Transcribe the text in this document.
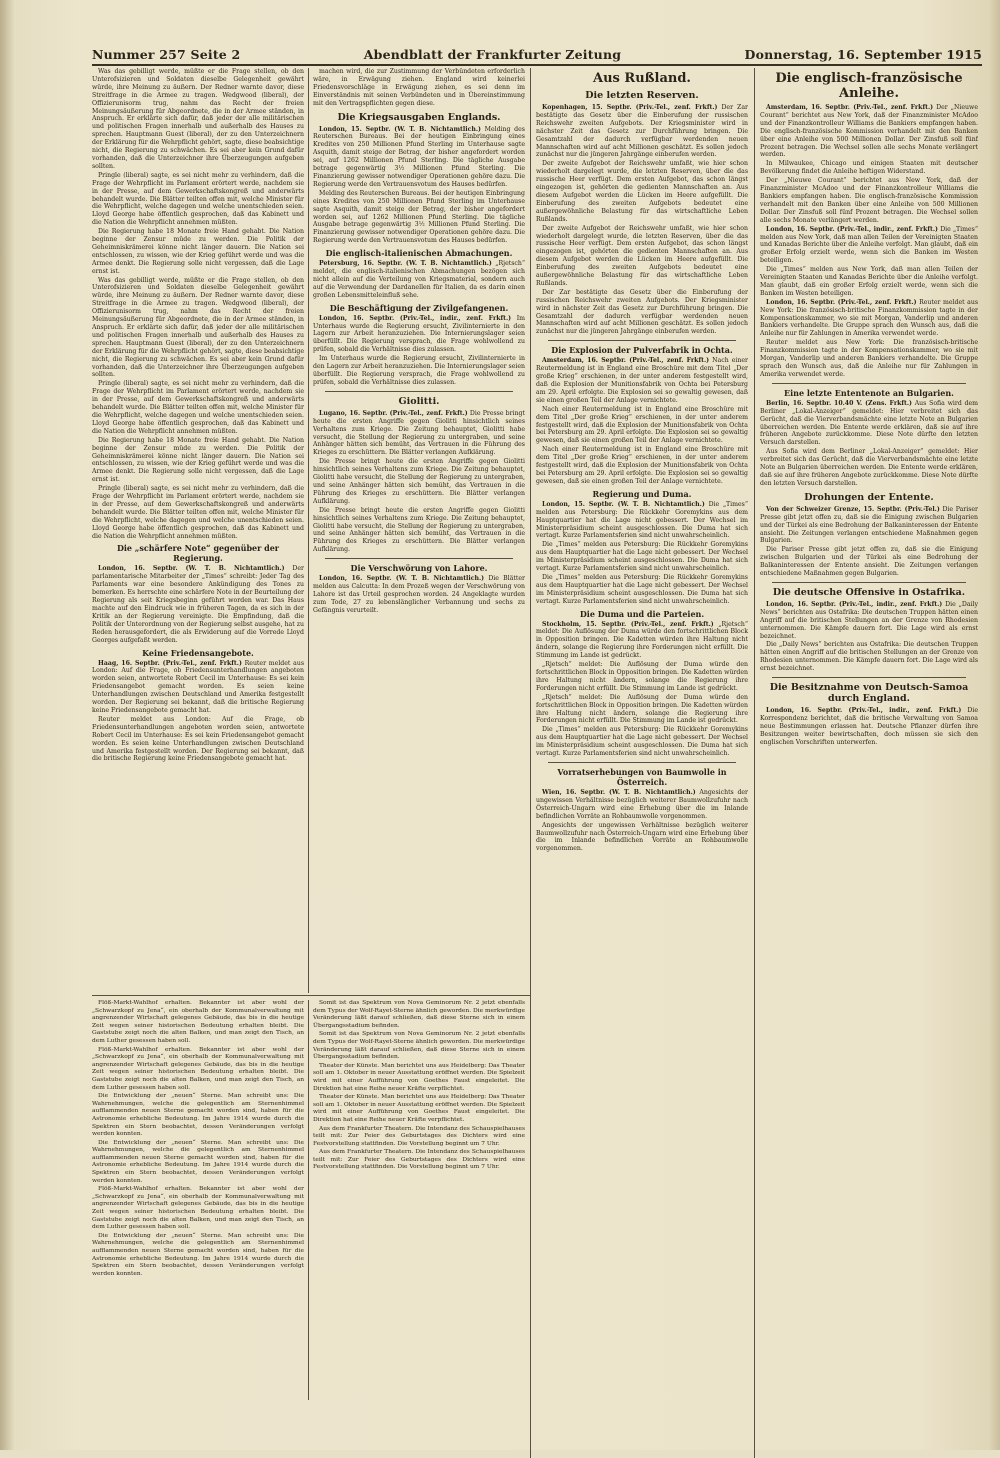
Nummer 257 Seite 2	Abendblatt der Frankfurter Zeitung	Donnerstag, 16. September 1915

Was das gebilligt werde, müßte er die Frage stellen, ob den Unterofsizieren und Soldaten dieselbe Gelegenheit gewährt würde, ihre Meinung zu äußern. Der Redner warnte davor, diese Streitfrage in die Armee zu tragen. Wedgwood (liberal), der Offizierunisorm trug, nahm das Recht der freien Meinungsäußerung für Abgeordnete, die in der Armee ständen, in Anspruch. Er erklärte sich dafür, daß jeder der alle militärischen und politischen Fragen innerhalb und außerhalb des Hauses zu sprechen. Hauptmann Guest (liberal), der zu den Unterzeichnern der Erklärung für die Wehrpflicht gehört, sagte, diese beabsichtige nicht, die Regierung zu schwächen. Es sei aber kein Grund dafür vorhanden, daß die Unterzeichner ihre Überzeugungen aufgeben sollten.

Pringle (liberal) sagte, es sei nicht mehr zu verhindern, daß die Frage der Wehrpflicht im Parlament erörtert werde, nachdem sie in der Presse, auf dem Gewerkschaftskongreß und anderwärts behandelt wurde. Die Blätter teilten offen mit, welche Minister für die Wehrpflicht, welche dagegen und welche unentschieden seien. Lloyd George habe öffentlich gesprochen, daß das Kabinett und die Nation die Wehrpflicht annehmen müßten.

Die Regierung habe 18 Monate freie Hand gehabt. Die Nation beginne der Zensur müde zu werden. Die Politik der Geheimniskrämerei könne nicht länger dauern. Die Nation sei entschlossen, zu wissen, wie der Krieg geführt werde und was die Armee denkt. Die Regierung solle nicht vergessen, daß die Lage ernst ist.

Was das gebilligt werde, müßte er die Frage stellen, ob den Unterofsizieren und Soldaten dieselbe Gelegenheit gewährt würde, ihre Meinung zu äußern. Der Redner warnte davor, diese Streitfrage in die Armee zu tragen. Wedgwood (liberal), der Offizierunisorm trug, nahm das Recht der freien Meinungsäußerung für Abgeordnete, die in der Armee ständen, in Anspruch. Er erklärte sich dafür, daß jeder der alle militärischen und politischen Fragen innerhalb und außerhalb des Hauses zu sprechen. Hauptmann Guest (liberal), der zu den Unterzeichnern der Erklärung für die Wehrpflicht gehört, sagte, diese beabsichtige nicht, die Regierung zu schwächen. Es sei aber kein Grund dafür vorhanden, daß die Unterzeichner ihre Überzeugungen aufgeben sollten.

Pringle (liberal) sagte, es sei nicht mehr zu verhindern, daß die Frage der Wehrpflicht im Parlament erörtert werde, nachdem sie in der Presse, auf dem Gewerkschaftskongreß und anderwärts behandelt wurde. Die Blätter teilten offen mit, welche Minister für die Wehrpflicht, welche dagegen und welche unentschieden seien. Lloyd George habe öffentlich gesprochen, daß das Kabinett und die Nation die Wehrpflicht annehmen müßten.

Die Regierung habe 18 Monate freie Hand gehabt. Die Nation beginne der Zensur müde zu werden. Die Politik der Geheimniskrämerei könne nicht länger dauern. Die Nation sei entschlossen, zu wissen, wie der Krieg geführt werde und was die Armee denkt. Die Regierung solle nicht vergessen, daß die Lage ernst ist.

Pringle (liberal) sagte, es sei nicht mehr zu verhindern, daß die Frage der Wehrpflicht im Parlament erörtert werde, nachdem sie in der Presse, auf dem Gewerkschaftskongreß und anderwärts behandelt wurde. Die Blätter teilten offen mit, welche Minister für die Wehrpflicht, welche dagegen und welche unentschieden seien. Lloyd George habe öffentlich gesprochen, daß das Kabinett und die Nation die Wehrpflicht annehmen müßten.

Die „schärfere Note“ gegenüber der Regierung.

London, 16. Septbr. (W. T. B. Nichtamtlich.) Der parlamentarische Mitarbeiter der „Times“ schreibt: Jeder Tag des Parlaments war eine besondere Ankündigung des Tones zu bemerken. Es herrschte eine schärfere Note in der Beurteilung der Regierung als seit Kriegsbeginn geführt worden war. Das Haus machte auf den Eindruck wie in früheren Tagen, da es sich in der Kritik an der Regierung vereinigte. Die Empfindung, daß die Politik der Unterordnung von der Regierung selbst ausgehe, hat zu Reden herausgefordert, die als Erwiderung auf die Vorrede Lloyd Georges aufgefaßt werden.

Keine Friedensangebote.

Haag, 16. Septbr. (Priv.-Tel., zenf. Frkft.) Reuter meldet aus London: Auf die Frage, ob Friedensunterhandlungen angeboten worden seien, antwortete Robert Cecil im Unterhause: Es sei kein Friedensangebot gemacht worden. Es seien keine Unterhandlungen zwischen Deutschland und Amerika festgestellt worden. Der Regierung sei bekannt, daß die britische Regierung keine Friedensangebote gemacht hat.

Reuter meldet aus London: Auf die Frage, ob Friedensunterhandlungen angeboten worden seien, antwortete Robert Cecil im Unterhause: Es sei kein Friedensangebot gemacht worden. Es seien keine Unterhandlungen zwischen Deutschland und Amerika festgestellt worden. Der Regierung sei bekannt, daß die britische Regierung keine Friedensangebote gemacht hat.

machen wird, die zur Zustimmung der Verbündeten erforderlich wäre, in Erwägung ziehen. England wird keinerlei Friedensvorschläge in Erwägung ziehen, es sei denn im Einverständnis mit seinen Verbündeten und in Übereinstimmung mit den Vertragspflichten gegen diese.

Die Kriegsausgaben Englands.

London, 15. Septbr. (W. T. B. Nichtamtlich.) Melding des Reuterschen Bureaus. Bei der heutigen Einbringung eines Kredites von 250 Millionen Pfund Sterling im Unterhause sagte Asquith, damit steige der Betrag, der bisher angefordert worden sei, auf 1262 Millionen Pfund Sterling. Die tägliche Ausgabe betrage gegenwärtig 3½ Millionen Pfund Sterling. Die Finanzierung gewisser notwendiger Operationen gehöre dazu. Die Regierung werde den Vertrauensvotum des Hauses bedürfen.

Melding des Reuterschen Bureaus. Bei der heutigen Einbringung eines Kredites von 250 Millionen Pfund Sterling im Unterhause sagte Asquith, damit steige der Betrag, der bisher angefordert worden sei, auf 1262 Millionen Pfund Sterling. Die tägliche Ausgabe betrage gegenwärtig 3½ Millionen Pfund Sterling. Die Finanzierung gewisser notwendiger Operationen gehöre dazu. Die Regierung werde den Vertrauensvotum des Hauses bedürfen.

Die englisch-italienischen Abmachungen.

Petersburg, 16. Septbr. (W. T. B. Nichtamtlich.) „Rjetsch“ meldet, die englisch-italienischen Abmachungen bezögen sich nicht allein auf die Verteilung von Kriegsmaterial, sondern auch auf die Verwendung der Dardanellen für Italien, da es darin einen großen Lebensmitteleinfluß sehe.

Die Beschäftigung der Zivilgefangenen.

London, 16. Septbr. (Priv.-Tel., indir., zenf. Frkft.) Im Unterhaus wurde die Regierung ersucht, Zivilinternierte in den Lagern zur Arbeit heranzuziehen. Die Internierungslager seien überfüllt. Die Regierung versprach, die Frage wohlwollend zu prüfen, sobald die Verhältnisse dies zulassen.

Im Unterhaus wurde die Regierung ersucht, Zivilinternierte in den Lagern zur Arbeit heranzuziehen. Die Internierungslager seien überfüllt. Die Regierung versprach, die Frage wohlwollend zu prüfen, sobald die Verhältnisse dies zulassen.

Giolitti.

Lugano, 16. Septbr. (Priv.-Tel., zenf. Frkft.) Die Presse bringt heute die ersten Angriffe gegen Giolitti hinsichtlich seines Verhaltens zum Kriege. Die Zeitung behauptet, Giolitti habe versucht, die Stellung der Regierung zu untergraben, und seine Anhänger hätten sich bemüht, das Vertrauen in die Führung des Krieges zu erschüttern. Die Blätter verlangen Aufklärung.

Die Presse bringt heute die ersten Angriffe gegen Giolitti hinsichtlich seines Verhaltens zum Kriege. Die Zeitung behauptet, Giolitti habe versucht, die Stellung der Regierung zu untergraben, und seine Anhänger hätten sich bemüht, das Vertrauen in die Führung des Krieges zu erschüttern. Die Blätter verlangen Aufklärung.

Die Presse bringt heute die ersten Angriffe gegen Giolitti hinsichtlich seines Verhaltens zum Kriege. Die Zeitung behauptet, Giolitti habe versucht, die Stellung der Regierung zu untergraben, und seine Anhänger hätten sich bemüht, das Vertrauen in die Führung des Krieges zu erschüttern. Die Blätter verlangen Aufklärung.

Die Verschwörung von Lahore.

London, 16. Septbr. (W. T. B. Nichtamtlich.) Die Blätter melden aus Calcutta: In dem Prozeß wegen der Verschwörung von Lahore ist das Urteil gesprochen worden. 24 Angeklagte wurden zum Tode, 27 zu lebenslänglicher Verbannung und sechs zu Gefängnis verurteilt.

Flöß-Markt-Wahlhof erhalten. Bekannter ist aber wohl der „Schwarzkopf zu Jena“, ein oberhalb der Kommunalverwaltung mit angrenzender Wirtschaft gelegenes Gebäude, das bis in die heutige Zeit wegen seiner historischen Bedeutung erhalten bleibt. Die Gaststube zeigt noch die alten Balken, und man zeigt den Tisch, an dem Luther gesessen haben soll.

Flöß-Markt-Wahlhof erhalten. Bekannter ist aber wohl der „Schwarzkopf zu Jena“, ein oberhalb der Kommunalverwaltung mit angrenzender Wirtschaft gelegenes Gebäude, das bis in die heutige Zeit wegen seiner historischen Bedeutung erhalten bleibt. Die Gaststube zeigt noch die alten Balken, und man zeigt den Tisch, an dem Luther gesessen haben soll.

Die Entwicklung der „neuen“ Sterne. Man schreibt uns: Die Wahrnehmungen, welche die gelegentlich am Sternenhimmel aufflammenden neuen Sterne gemacht worden sind, haben für die Astronomie erhebliche Bedeutung. Im Jahre 1914 wurde durch die Spektren ein Stern beobachtet, dessen Veränderungen verfolgt werden konnten.

Die Entwicklung der „neuen“ Sterne. Man schreibt uns: Die Wahrnehmungen, welche die gelegentlich am Sternenhimmel aufflammenden neuen Sterne gemacht worden sind, haben für die Astronomie erhebliche Bedeutung. Im Jahre 1914 wurde durch die Spektren ein Stern beobachtet, dessen Veränderungen verfolgt werden konnten.

Flöß-Markt-Wahlhof erhalten. Bekannter ist aber wohl der „Schwarzkopf zu Jena“, ein oberhalb der Kommunalverwaltung mit angrenzender Wirtschaft gelegenes Gebäude, das bis in die heutige Zeit wegen seiner historischen Bedeutung erhalten bleibt. Die Gaststube zeigt noch die alten Balken, und man zeigt den Tisch, an dem Luther gesessen haben soll.

Die Entwicklung der „neuen“ Sterne. Man schreibt uns: Die Wahrnehmungen, welche die gelegentlich am Sternenhimmel aufflammenden neuen Sterne gemacht worden sind, haben für die Astronomie erhebliche Bedeutung. Im Jahre 1914 wurde durch die Spektren ein Stern beobachtet, dessen Veränderungen verfolgt werden konnten.

Somit ist das Spektrum von Nova Geminorum Nr. 2 jetzt ebenfalls dem Typus der Wolf-Rayet-Sterne ähnlich geworden. Die merkwürdige Veränderung läßt darauf schließen, daß diese Sterne sich in einem Übergangsstadium befinden.

Somit ist das Spektrum von Nova Geminorum Nr. 2 jetzt ebenfalls dem Typus der Wolf-Rayet-Sterne ähnlich geworden. Die merkwürdige Veränderung läßt darauf schließen, daß diese Sterne sich in einem Übergangsstadium befinden.

Theater der Künste. Man berichtet uns aus Heidelberg: Das Theater soll am 1. Oktober in neuer Ausstattung eröffnet werden. Die Spielzeit wird mit einer Aufführung von Goethes Faust eingeleitet. Die Direktion hat eine Reihe neuer Kräfte verpflichtet.

Theater der Künste. Man berichtet uns aus Heidelberg: Das Theater soll am 1. Oktober in neuer Ausstattung eröffnet werden. Die Spielzeit wird mit einer Aufführung von Goethes Faust eingeleitet. Die Direktion hat eine Reihe neuer Kräfte verpflichtet.

Aus dem Frankfurter Theatern. Die Intendanz des Schauspielhauses teilt mit: Zur Feier des Geburtstages des Dichters wird eine Festvorstellung stattfinden. Die Vorstellung beginnt um 7 Uhr.

Aus dem Frankfurter Theatern. Die Intendanz des Schauspielhauses teilt mit: Zur Feier des Geburtstages des Dichters wird eine Festvorstellung stattfinden. Die Vorstellung beginnt um 7 Uhr.

Aus Rußland.
Die letzten Reserven.

Kopenhagen, 15. Septbr. (Priv.-Tel., zenf. Frkft.) Der Zar bestätigte das Gesetz über die Einberufung der russischen Reichswehr zweiten Aufgebots. Der Kriegsminister wird in nächster Zeit das Gesetz zur Durchführung bringen. Die Gesamtzahl der dadurch verfügbar werdenden neuen Mannschaften wird auf acht Millionen geschätzt. Es sollen jedoch zunächst nur die jüngeren Jahrgänge einberufen werden.

Der zweite Aufgebot der Reichswehr umfaßt, wie hier schon wiederholt dargelegt wurde, die letzten Reserven, über die das russische Heer verfügt. Dem ersten Aufgebot, das schon längst eingezogen ist, gehörten die gedienten Mannschaften an. Aus diesem Aufgebot werden die Lücken im Heere aufgefüllt. Die Einberufung des zweiten Aufgebots bedeutet eine außergewöhnliche Belastung für das wirtschaftliche Leben Rußlands.

Der zweite Aufgebot der Reichswehr umfaßt, wie hier schon wiederholt dargelegt wurde, die letzten Reserven, über die das russische Heer verfügt. Dem ersten Aufgebot, das schon längst eingezogen ist, gehörten die gedienten Mannschaften an. Aus diesem Aufgebot werden die Lücken im Heere aufgefüllt. Die Einberufung des zweiten Aufgebots bedeutet eine außergewöhnliche Belastung für das wirtschaftliche Leben Rußlands.

Der Zar bestätigte das Gesetz über die Einberufung der russischen Reichswehr zweiten Aufgebots. Der Kriegsminister wird in nächster Zeit das Gesetz zur Durchführung bringen. Die Gesamtzahl der dadurch verfügbar werdenden neuen Mannschaften wird auf acht Millionen geschätzt. Es sollen jedoch zunächst nur die jüngeren Jahrgänge einberufen werden.

Die Explosion der Pulverfabrik in Ochta.

Amsterdam, 16. Septbr. (Priv.-Tel., zenf. Frkft.) Nach einer Reutermeldung ist in England eine Broschüre mit dem Titel „Der große Krieg“ erschienen, in der unter anderem festgestellt wird, daß die Explosion der Munitionsfabrik von Ochta bei Petersburg am 29. April erfolgte. Die Explosion sei so gewaltig gewesen, daß sie einen großen Teil der Anlage vernichtete.

Nach einer Reutermeldung ist in England eine Broschüre mit dem Titel „Der große Krieg“ erschienen, in der unter anderem festgestellt wird, daß die Explosion der Munitionsfabrik von Ochta bei Petersburg am 29. April erfolgte. Die Explosion sei so gewaltig gewesen, daß sie einen großen Teil der Anlage vernichtete.

Nach einer Reutermeldung ist in England eine Broschüre mit dem Titel „Der große Krieg“ erschienen, in der unter anderem festgestellt wird, daß die Explosion der Munitionsfabrik von Ochta bei Petersburg am 29. April erfolgte. Die Explosion sei so gewaltig gewesen, daß sie einen großen Teil der Anlage vernichtete.

Regierung und Duma.

London, 15. Septbr. (W. T. B. Nichtamtlich.) Die „Times“ melden aus Petersburg: Die Rückkehr Goremykins aus dem Hauptquartier hat die Lage nicht gebessert. Der Wechsel im Ministerpräsidium scheint ausgeschlossen. Die Duma hat sich vertagt. Kurze Parlamentsferien sind nicht unwahrscheinlich.

Die „Times“ melden aus Petersburg: Die Rückkehr Goremykins aus dem Hauptquartier hat die Lage nicht gebessert. Der Wechsel im Ministerpräsidium scheint ausgeschlossen. Die Duma hat sich vertagt. Kurze Parlamentsferien sind nicht unwahrscheinlich.

Die „Times“ melden aus Petersburg: Die Rückkehr Goremykins aus dem Hauptquartier hat die Lage nicht gebessert. Der Wechsel im Ministerpräsidium scheint ausgeschlossen. Die Duma hat sich vertagt. Kurze Parlamentsferien sind nicht unwahrscheinlich.

Die Duma und die Parteien.

Stockholm, 15. Septbr. (Priv.-Tel., zenf. Frkft.) „Rjetsch“ meldet: Die Auflösung der Duma würde den fortschrittlichen Block in Opposition bringen. Die Kadetten würden ihre Haltung nicht ändern, solange die Regierung ihre Forderungen nicht erfüllt. Die Stimmung im Lande ist gedrückt.

„Rjetsch“ meldet: Die Auflösung der Duma würde den fortschrittlichen Block in Opposition bringen. Die Kadetten würden ihre Haltung nicht ändern, solange die Regierung ihre Forderungen nicht erfüllt. Die Stimmung im Lande ist gedrückt.

„Rjetsch“ meldet: Die Auflösung der Duma würde den fortschrittlichen Block in Opposition bringen. Die Kadetten würden ihre Haltung nicht ändern, solange die Regierung ihre Forderungen nicht erfüllt. Die Stimmung im Lande ist gedrückt.

Die „Times“ melden aus Petersburg: Die Rückkehr Goremykins aus dem Hauptquartier hat die Lage nicht gebessert. Der Wechsel im Ministerpräsidium scheint ausgeschlossen. Die Duma hat sich vertagt. Kurze Parlamentsferien sind nicht unwahrscheinlich.

Vorratserhebungen von Baumwolle in Österreich.

Wien, 16. Septbr. (W. T. B. Nichtamtlich.) Angesichts der ungewissen Verhältnisse bezüglich weiterer Baumwollzufuhr nach Österreich-Ungarn wird eine Erhebung über die im Inlande befindlichen Vorräte an Rohbaumwolle vorgenommen.

Angesichts der ungewissen Verhältnisse bezüglich weiterer Baumwollzufuhr nach Österreich-Ungarn wird eine Erhebung über die im Inlande befindlichen Vorräte an Rohbaumwolle vorgenommen.

Die englisch-französische Anleihe.

Amsterdam, 16. Septbr. (Priv.-Tel., zenf. Frkft.) Der „Nieuwe Courant“ berichtet aus New York, daß der Finanzminister McAdoo und der Finanzkontrolleur Williams die Bankiers empfangen haben. Die englisch-französische Kommission verhandelt mit den Banken über eine Anleihe von 500 Millionen Dollar. Der Zinsfuß soll fünf Prozent betragen. Die Wechsel sollen alle sechs Monate verlängert werden.

In Milwaukee, Chicago und einigen Staaten mit deutscher Bevölkerung findet die Anleihe heftigen Widerstand.

Der „Nieuwe Courant“ berichtet aus New York, daß der Finanzminister McAdoo und der Finanzkontrolleur Williams die Bankiers empfangen haben. Die englisch-französische Kommission verhandelt mit den Banken über eine Anleihe von 500 Millionen Dollar. Der Zinsfuß soll fünf Prozent betragen. Die Wechsel sollen alle sechs Monate verlängert werden.

London, 16. Septbr. (Priv.-Tel., indir., zenf. Frkft.) Die „Times“ melden aus New York, daß man allen Teilen der Vereinigten Staaten und Kanadas Berichte über die Anleihe verfolgt. Man glaubt, daß ein großer Erfolg erzielt werde, wenn sich die Banken im Westen beteiligen.

Die „Times“ melden aus New York, daß man allen Teilen der Vereinigten Staaten und Kanadas Berichte über die Anleihe verfolgt. Man glaubt, daß ein großer Erfolg erzielt werde, wenn sich die Banken im Westen beteiligen.

London, 16. Septbr. (Priv.-Tel., zenf. Frkft.) Reuter meldet aus New York: Die französisch-britische Finanzkommission tagte in der Kompensationskammer, wo sie mit Morgan, Vanderlip und anderen Bankiers verhandelte. Die Gruppe sprach den Wunsch aus, daß die Anleihe nur für Zahlungen in Amerika verwendet werde.

Reuter meldet aus New York: Die französisch-britische Finanzkommission tagte in der Kompensationskammer, wo sie mit Morgan, Vanderlip und anderen Bankiers verhandelte. Die Gruppe sprach den Wunsch aus, daß die Anleihe nur für Zahlungen in Amerika verwendet werde.

Eine letzte Ententenote an Bulgarien.

Berlin, 16. Septbr. 10.40 V. (Zens. Frkft.) Aus Sofia wird dem Berliner „Lokal-Anzeiger“ gemeldet: Hier verbreitet sich das Gerücht, daß die Vierverbandsmächte eine letzte Note an Bulgarien überreichen werden. Die Entente werde erklären, daß sie auf ihre früheren Angebote zurückkomme. Diese Note dürfte den letzten Versuch darstellen.

Aus Sofia wird dem Berliner „Lokal-Anzeiger“ gemeldet: Hier verbreitet sich das Gerücht, daß die Vierverbandsmächte eine letzte Note an Bulgarien überreichen werden. Die Entente werde erklären, daß sie auf ihre früheren Angebote zurückkomme. Diese Note dürfte den letzten Versuch darstellen.

Drohungen der Entente.

Von der Schweizer Grenze, 15. Septbr. (Priv.-Tel.) Die Pariser Presse gibt jetzt offen zu, daß sie die Einigung zwischen Bulgarien und der Türkei als eine Bedrohung der Balkaninteressen der Entente ansieht. Die Zeitungen verlangen entschiedene Maßnahmen gegen Bulgarien.

Die Pariser Presse gibt jetzt offen zu, daß sie die Einigung zwischen Bulgarien und der Türkei als eine Bedrohung der Balkaninteressen der Entente ansieht. Die Zeitungen verlangen entschiedene Maßnahmen gegen Bulgarien.

Die deutsche Offensive in Ostafrika.

London, 16. Septbr. (Priv.-Tel., indir., zenf. Frkft.) Die „Daily News“ berichten aus Ostafrika: Die deutschen Truppen hätten einen Angriff auf die britischen Stellungen an der Grenze von Rhodesien unternommen. Die Kämpfe dauern fort. Die Lage wird als ernst bezeichnet.

Die „Daily News“ berichten aus Ostafrika: Die deutschen Truppen hätten einen Angriff auf die britischen Stellungen an der Grenze von Rhodesien unternommen. Die Kämpfe dauern fort. Die Lage wird als ernst bezeichnet.

Die Besitznahme von Deutsch-Samoa durch England.

London, 16. Septbr. (Priv.-Tel., indir., zenf. Frkft.) Die Korrespondenz berichtet, daß die britische Verwaltung von Samoa neue Bestimmungen erlassen hat. Deutsche Pflanzer dürfen ihre Besitzungen weiter bewirtschaften, doch müssen sie sich den englischen Vorschriften unterwerfen.
